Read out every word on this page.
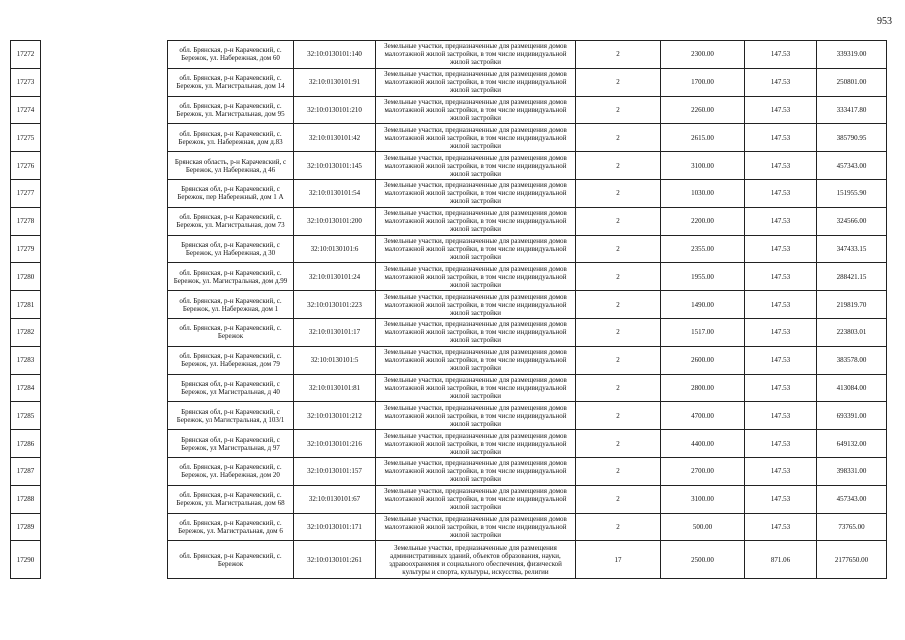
953
17272		обл. Брянская, р-н Карачевский, с. Бережок, ул. Набережная, дом 60	32:10:0130101:140	Земельные участки, предназначенные для размещения домов малоэтажной жилой застройки, в том числе индивидуальной жилой застройки	2	2300.00	147.53	339319.00
17273		обл. Брянская, р-н Карачевский, с. Бережок, ул. Магистральная, дом 14	32:10:0130101:91	Земельные участки, предназначенные для размещения домов малоэтажной жилой застройки, в том числе индивидуальной жилой застройки	2	1700.00	147.53	250801.00
17274		обл. Брянская, р-н Карачевский, с. Бережок, ул. Магистральная, дом 95	32:10:0130101:210	Земельные участки, предназначенные для размещения домов малоэтажной жилой застройки, в том числе индивидуальной жилой застройки	2	2260.00	147.53	333417.80
17275		обл. Брянская, р-н Карачевский, с. Бережок, ул. Набережная, дом д.83	32:10:0130101:42	Земельные участки, предназначенные для размещения домов малоэтажной жилой застройки, в том числе индивидуальной жилой застройки	2	2615.00	147.53	385790.95
17276		Брянская область, р-н Карачевский, с Бережок, ул Набережная, д 46	32:10:0130101:145	Земельные участки, предназначенные для размещения домов малоэтажной жилой застройки, в том числе индивидуальной жилой застройки	2	3100.00	147.53	457343.00
17277		Брянская обл, р-н Карачевский, с Бережок, пер Набережный, дом 1 А	32:10:0130101:54	Земельные участки, предназначенные для размещения домов малоэтажной жилой застройки, в том числе индивидуальной жилой застройки	2	1030.00	147.53	151955.90
17278		обл. Брянская, р-н Карачевский, с. Бережок, ул. Магистральная, дом 73	32:10:0130101:200	Земельные участки, предназначенные для размещения домов малоэтажной жилой застройки, в том числе индивидуальной жилой застройки	2	2200.00	147.53	324566.00
17279		Брянская обл, р-н Карачевский, с Бережок, ул Набережная, д 30	32:10:0130101:6	Земельные участки, предназначенные для размещения домов малоэтажной жилой застройки, в том числе индивидуальной жилой застройки	2	2355.00	147.53	347433.15
17280		обл. Брянская, р-н Карачевский, с. Бережок, ул. Магистральная, дом д.99	32:10:0130101:24	Земельные участки, предназначенные для размещения домов малоэтажной жилой застройки, в том числе индивидуальной жилой застройки	2	1955.00	147.53	288421.15
17281		обл. Брянская, р-н Карачевский, с. Бережок, ул. Набережная, дом 1	32:10:0130101:223	Земельные участки, предназначенные для размещения домов малоэтажной жилой застройки, в том числе индивидуальной жилой застройки	2	1490.00	147.53	219819.70
17282		обл. Брянская, р-н Карачевский, с. Бережок	32:10:0130101:17	Земельные участки, предназначенные для размещения домов малоэтажной жилой застройки, в том числе индивидуальной жилой застройки	2	1517.00	147.53	223803.01
17283		обл. Брянская, р-н Карачевский, с. Бережок, ул. Набережная, дом 79	32:10:0130101:5	Земельные участки, предназначенные для размещения домов малоэтажной жилой застройки, в том числе индивидуальной жилой застройки	2	2600.00	147.53	383578.00
17284		Брянская обл, р-н Карачевский, с Бережок, ул Магистральная, д 40	32:10:0130101:81	Земельные участки, предназначенные для размещения домов малоэтажной жилой застройки, в том числе индивидуальной жилой застройки	2	2800.00	147.53	413084.00
17285		Брянская обл, р-н Карачевский, с Бережок, ул Магистральная, д 103/1	32:10:0130101:212	Земельные участки, предназначенные для размещения домов малоэтажной жилой застройки, в том числе индивидуальной жилой застройки	2	4700.00	147.53	693391.00
17286		Брянская обл, р-н Карачевский, с Бережок, ул Магистральная, д 97	32:10:0130101:216	Земельные участки, предназначенные для размещения домов малоэтажной жилой застройки, в том числе индивидуальной жилой застройки	2	4400.00	147.53	649132.00
17287		обл. Брянская, р-н Карачевский, с. Бережок, ул. Набережная, дом 20	32:10:0130101:157	Земельные участки, предназначенные для размещения домов малоэтажной жилой застройки, в том числе индивидуальной жилой застройки	2	2700.00	147.53	398331.00
17288		обл. Брянская, р-н Карачевский, с. Бережок, ул. Магистральная, дом 68	32:10:0130101:67	Земельные участки, предназначенные для размещения домов малоэтажной жилой застройки, в том числе индивидуальной жилой застройки	2	3100.00	147.53	457343.00
17289		обл. Брянская, р-н Карачевский, с. Бережок, ул. Магистральная, дом 6	32:10:0130101:171	Земельные участки, предназначенные для размещения домов малоэтажной жилой застройки, в том числе индивидуальной жилой застройки	2	500.00	147.53	73765.00
17290		обл. Брянская, р-н Карачевский, с. Бережок	32:10:0130101:261	Земельные участки, предназначенные для размещения административных зданий, объектов образования, науки, здравоохранения и социального обеспечения, физической культуры и спорта, культуры, искусства, религии	17	2500.00	871.06	2177650.00
